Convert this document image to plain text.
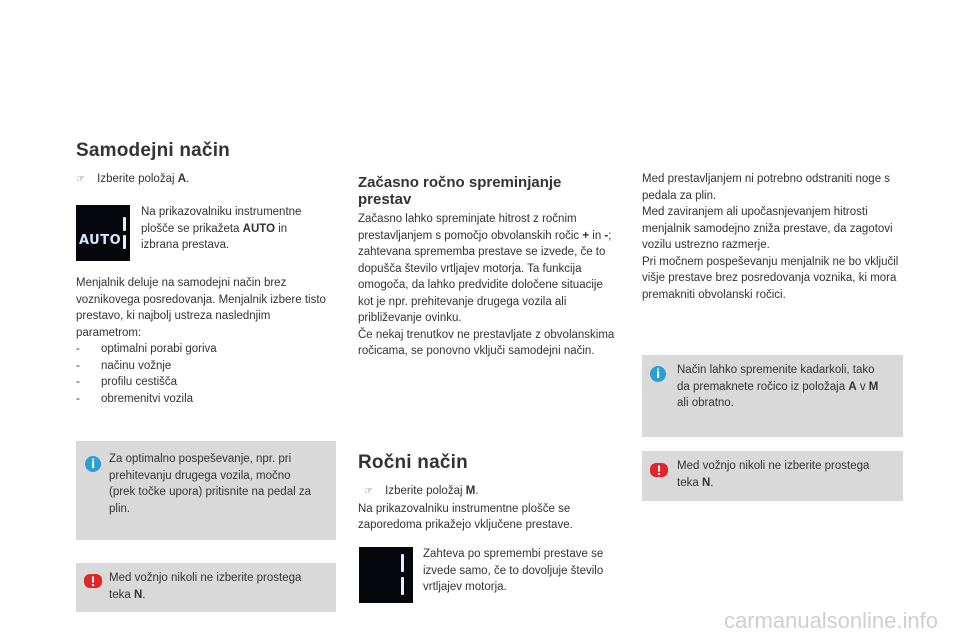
Samodejni način
☞ Izberite položaj A.
AUTO
Na prikazovalniku instrumentne plošče se prikažeta AUTO in izbrana prestava.
Menjalnik deluje na samodejni način brez voznikovega posredovanja. Menjalnik izbere tisto prestavo, ki najbolj ustreza naslednjim parametrom:
- optimalni porabi goriva
- načinu vožnje
- profilu cestišča
- obremenitvi vozila
i	Za optimalno pospeševanje, npr. pri prehitevanju drugega vozila, močno (prek točke upora) pritisnite na pedal za plin.
Med vožnjo nikoli ne izberite prostega teka N.
Začasno ročno spreminjanje prestav
Začasno lahko spreminjate hitrost z ročnim prestavljanjem s pomočjo obvolanskih ročic + in -; zahtevana sprememba prestave se izvede, če to dopušča število vrtljajev motorja. Ta funkcija omogoča, da lahko predvidite določene situacije kot je npr. prehitevanje drugega vozila ali približevanje ovinku.
Če nekaj trenutkov ne prestavljate z obvolanskima ročicama, se ponovno vključi samodejni način.
Ročni način
☞ Izberite položaj M.
Na prikazovalniku instrumentne plošče se zaporedoma prikažejo vključene prestave.
Zahteva po spremembi prestave se izvede samo, če to dovoljuje število vrtljajev motorja.
Med prestavljanjem ni potrebno odstraniti noge s pedala za plin.
Med zaviranjem ali upočasnjevanjem hitrosti menjalnik samodejno zniža prestave, da zagotovi vozilu ustrezno razmerje.
Pri močnem pospeševanju menjalnik ne bo vključil višje prestave brez posredovanja voznika, ki mora premakniti obvolanski ročici.
i	Način lahko spremenite kadarkoli, tako da premaknete ročico iz položaja A v M ali obratno.
Med vožnjo nikoli ne izberite prostega teka N.
carmanualsonline.info
